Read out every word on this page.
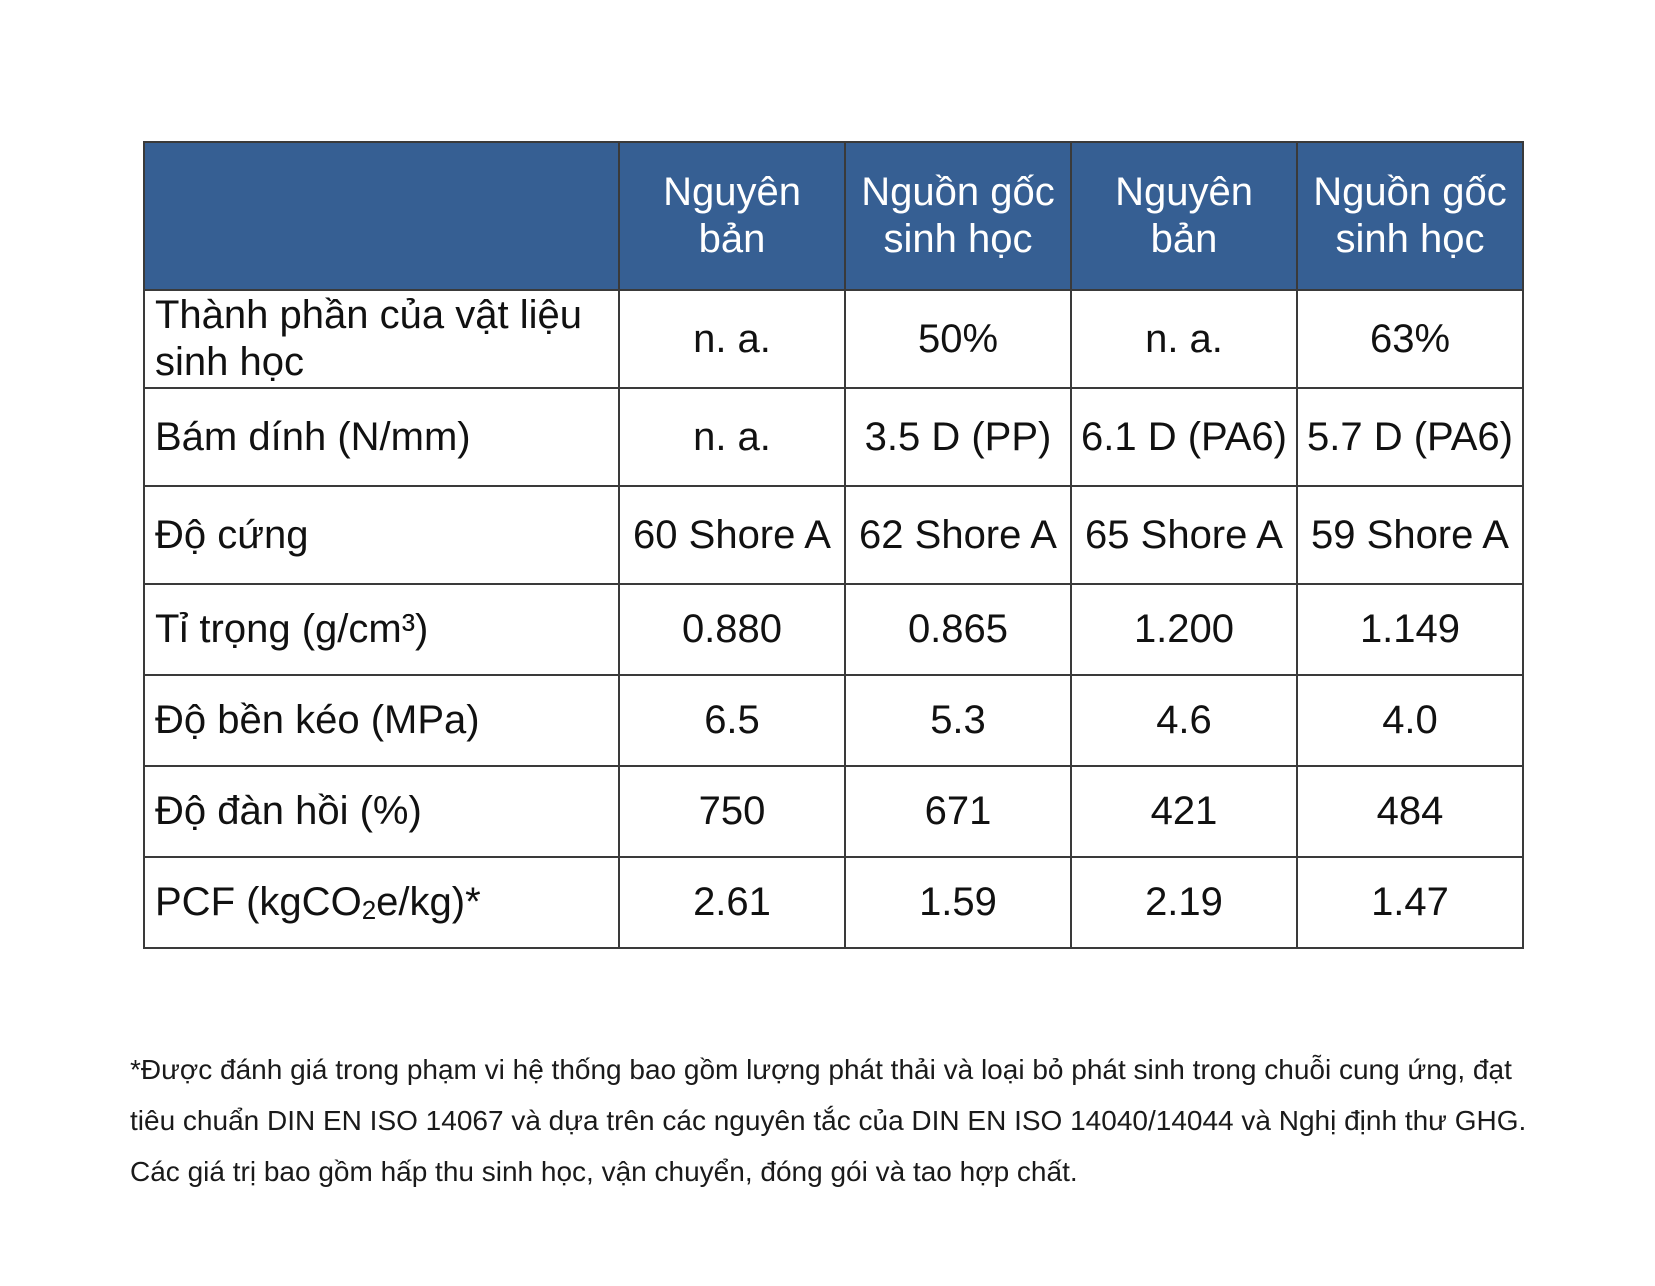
	Nguyên bản	Nguồn gốc sinh học	Nguyên bản	Nguồn gốc sinh học
Thành phần của vật liệu sinh học	n. a.	50%	n. a.	63%
Bám dính (N/mm)	n. a.	3.5 D (PP)	6.1 D (PA6)	5.7 D (PA6)
Độ cứng	60 Shore A	62 Shore A	65 Shore A	59 Shore A
Tỉ trọng (g/cm³)	0.880	0.865	1.200	1.149
Độ bền kéo (MPa)	6.5	5.3	4.6	4.0
Độ đàn hồi (%)	750	671	421	484
PCF (kgCO$_2$e/kg)*	2.61	1.59	2.19	1.47

*Được đánh giá trong phạm vi hệ thống bao gồm lượng phát thải và loại bỏ phát sinh trong chuỗi cung ứng, đạt tiêu chuẩn DIN EN ISO 14067 và dựa trên các nguyên tắc của DIN EN ISO 14040/14044 và Nghị định thư GHG. Các giá trị bao gồm hấp thu sinh học, vận chuyển, đóng gói và tao hợp chất.
